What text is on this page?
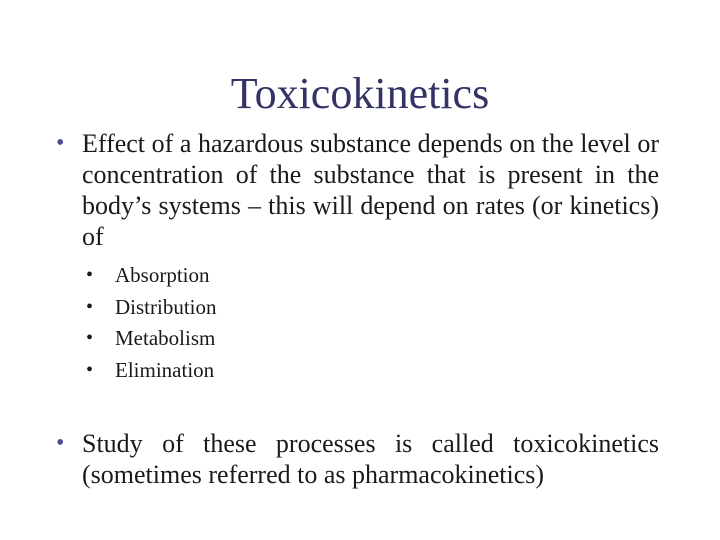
Toxicokinetics
• Effect of a hazardous substance depends on the level or concentration of the substance that is present in the body’s systems – this will depend on rates (or kinetics) of
• Absorption
• Distribution
• Metabolism
• Elimination
• Study of these processes is called toxicokinetics (sometimes referred to as pharmacokinetics)
